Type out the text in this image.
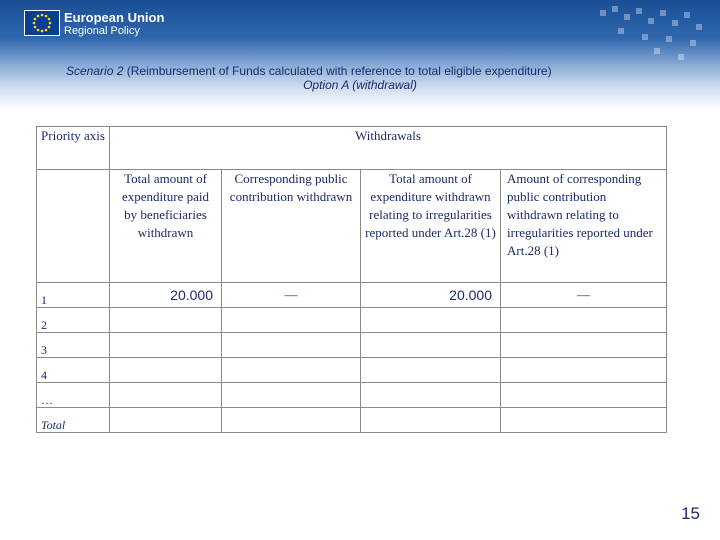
European Union
Regional Policy
Scenario 2 (Reimbursement of Funds calculated with reference to total eligible expenditure)
Option A (withdrawal)
Priority axis	Withdrawals			
	Total amount of expenditure paid by beneficiaries withdrawn	Corresponding public contribution withdrawn	Total amount of expenditure withdrawn relating to irregularities reported under Art.28 (1)	Amount of corresponding public contribution withdrawn relating to irregularities reported under Art.28 (1)
1	20.000	—	20.000	—
2				
3				
4				
…				
Total				
15
